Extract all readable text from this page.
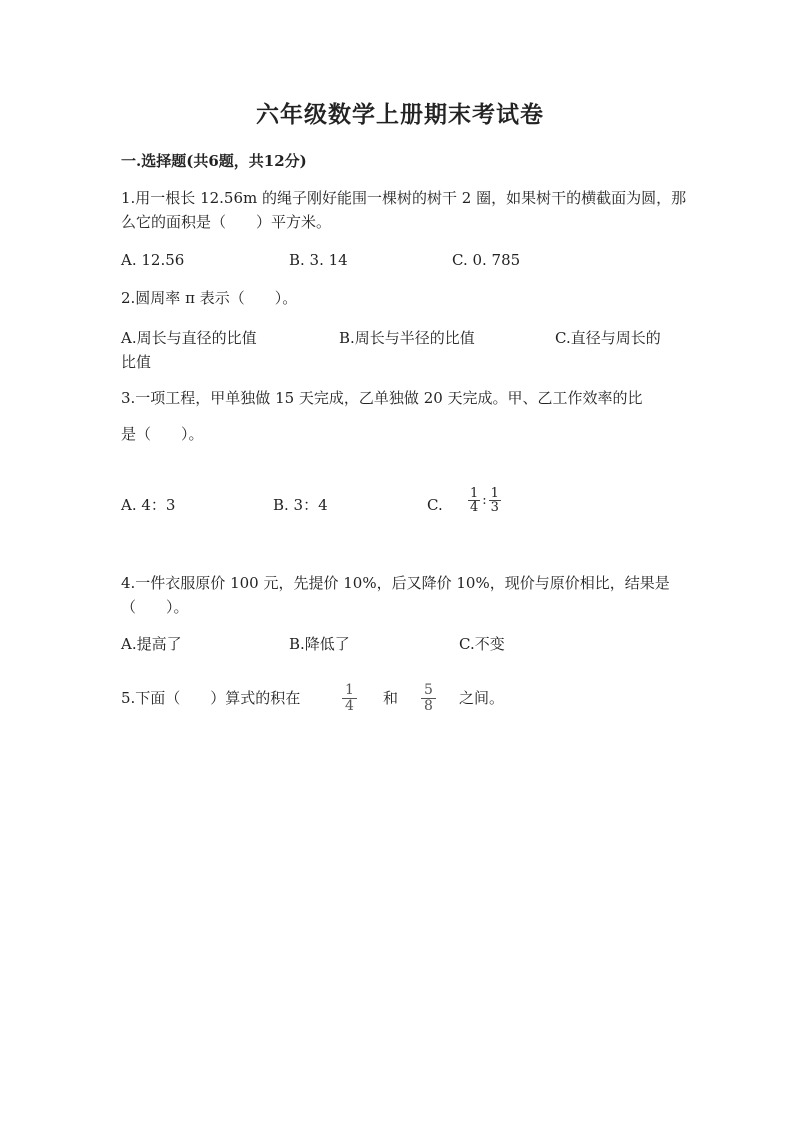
六年级数学上册期末考试卷
一.选择题(共6题，共12分)
1.用一根长 12.56m 的绳子刚好能围一棵树的树干 2 圈，如果树干的横截面为圆，那么它的面积是（　　）平方米。
A. 12.56	B. 3. 14	C. 0. 785
2.圆周率 π 表示（　　）。
A.周长与直径的比值	B.周长与半径的比值	C.直径与周长的比值
3.一项工程，甲单独做 15 天完成，乙单独做 20 天完成。甲、乙工作效率的比
是（　　）。
A. 4：3	B. 3：4	C. $\frac{1}{4}$ : $\frac{1}{3}$
4.一件衣服原价 100 元，先提价 10%，后又降价 10%，现价与原价相比，结果是（　　）。
A.提高了	B.降低了	C.不变
5.下面（　　）算式的积在	$\frac{1}{4}$ 和 $\frac{5}{8}$ 之间。
